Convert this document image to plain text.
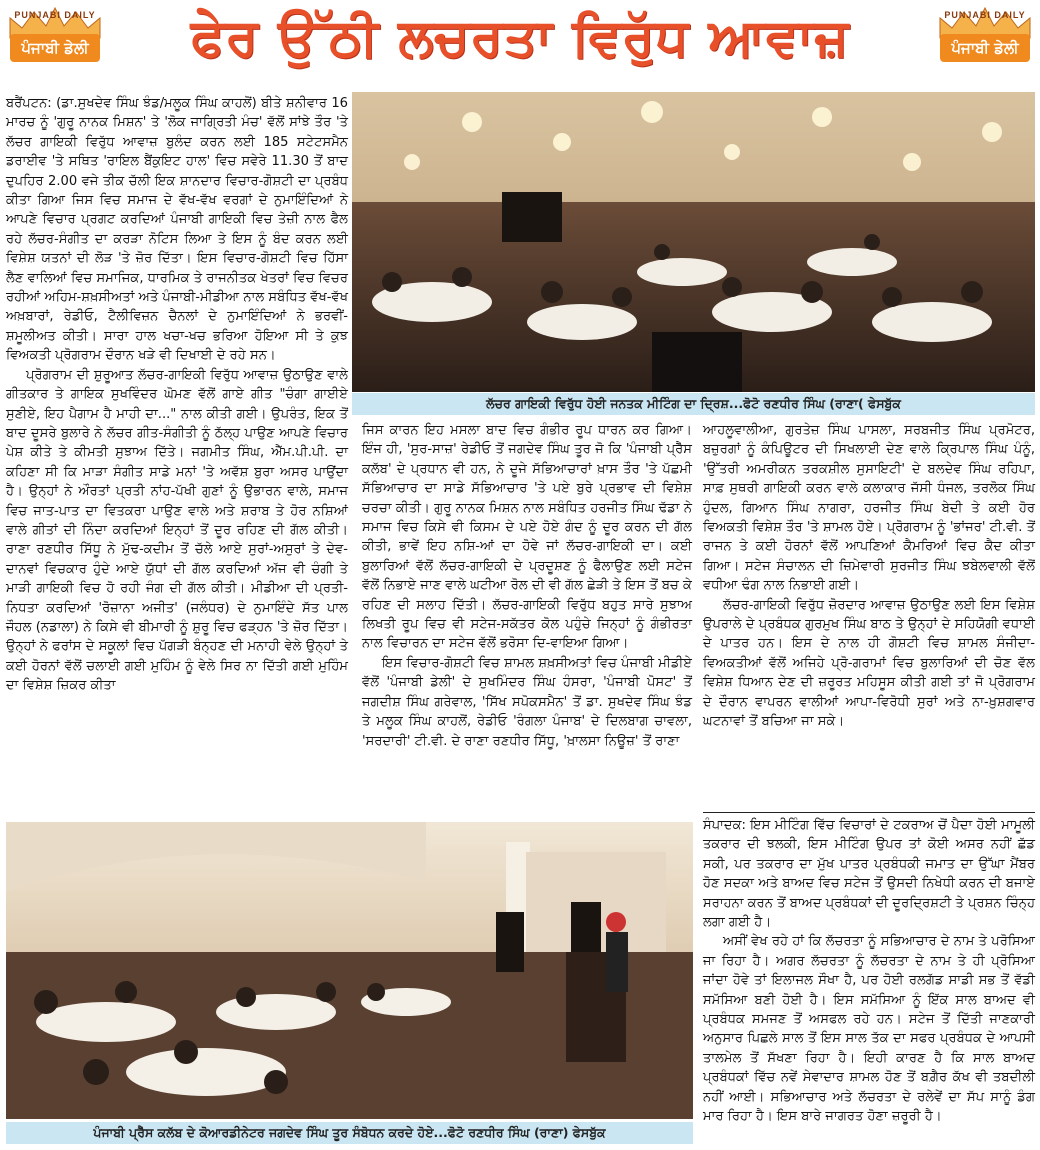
PUNJABI DAILY
ਪੰਜਾਬੀ ਡੇਲੀ	ਫੇਰ ਉੱਠੀ ਲਚਰਤਾ ਵਿਰੁੱਧ ਆਵਾਜ਼	PUNJABI DAILY
ਪੰਜਾਬੀ ਡੇਲੀ
ਲੱਚਰ ਗਾਇਕੀ ਵਿਰੁੱਧ ਹੋਈ ਜਨਤਕ ਮੀਟਿੰਗ ਦਾ ਦ੍ਰਿਸ਼...ਫੋਟੋ ਰਣਧੀਰ ਸਿੰਘ (ਰਾਣਾ( ਫੇਸਬੁੱਕ

ਬਰੈਂਪਟਨ: (ਡਾ.ਸੁਖਦੇਵ ਸਿੰਘ ਝੰਡ/ਮਲੂਕ ਸਿੰਘ ਕਾਹਲੋਂ) ਬੀਤੇ ਸ਼ਨੀਵਾਰ 16 ਮਾਰਚ ਨੂੰ 'ਗੁਰੂ ਨਾਨਕ ਮਿਸ਼ਨ' ਤੇ 'ਲੋਕ ਜਾਗ੍ਰਿਤੀ ਮੰਚ' ਵੱਲੋਂ ਸਾਂਝੇ ਤੌਰ 'ਤੇ ਲੱਚਰ ਗਾਇਕੀ ਵਿਰੁੱਧ ਆਵਾਜ਼ ਬੁਲੰਦ ਕਰਨ ਲਈ 185 ਸਟੇਟਸਮੈਨ ਡਰਾਈਵ 'ਤੇ ਸਥਿਤ 'ਰਾਇਲ ਬੈਂਕੁਇਟ ਹਾਲ' ਵਿਚ ਸਵੇਰੇ 11.30 ਤੋਂ ਬਾਦ ਦੁਪਹਿਰ 2.00 ਵਜੇ ਤੀਕ ਚੱਲੀ ਇਕ ਸ਼ਾਨਦਾਰ ਵਿਚਾਰ-ਗੋਸ਼ਟੀ ਦਾ ਪ੍ਰਬੰਧ ਕੀਤਾ ਗਿਆ ਜਿਸ ਵਿਚ ਸਮਾਜ ਦੇ ਵੱਖ-ਵੱਖ ਵਰਗਾਂ ਦੇ ਨੁਮਾਇੰਦਿਆਂ ਨੇ ਆਪਣੇ ਵਿਚਾਰ ਪ੍ਰਗਟ ਕਰਦਿਆਂ ਪੰਜਾਬੀ ਗਾਇਕੀ ਵਿਚ ਤੇਜ਼ੀ ਨਾਲ ਫੈਲ ਰਹੇ ਲੱਚਰ-ਸੰਗੀਤ ਦਾ ਕਰੜਾ ਨੋਟਿਸ ਲਿਆ ਤੇ ਇਸ ਨੂੰ ਬੰਦ ਕਰਨ ਲਈ ਵਿਸ਼ੇਸ਼ ਯਤਨਾਂ ਦੀ ਲੋੜ 'ਤੇ ਜ਼ੋਰ ਦਿੱਤਾ। ਇਸ ਵਿਚਾਰ-ਗੋਸ਼ਟੀ ਵਿਚ ਹਿੱਸਾ ਲੈਣ ਵਾਲਿਆਂ ਵਿਚ ਸਮਾਜਿਕ, ਧਾਰਮਿਕ ਤੇ ਰਾਜਨੀਤਕ ਖੇਤਰਾਂ ਵਿਚ ਵਿਚਰ ਰਹੀਆਂ ਅਹਿਮ-ਸ਼ਖ਼ਸੀਅਤਾਂ ਅਤੇ ਪੰਜਾਬੀ-ਮੀਡੀਆ ਨਾਲ ਸਬੰਧਿਤ ਵੱਖ-ਵੱਖ ਅਖ਼ਬਾਰਾਂ, ਰੇਡੀਓ, ਟੈਲੀਵਿਜ਼ਨ ਚੈਨਲਾਂ ਦੇ ਨੁਮਾਇੰਦਿਆਂ ਨੇ ਭਰਵੀਂ-ਸ਼ਮੂਲੀਅਤ ਕੀਤੀ। ਸਾਰਾ ਹਾਲ ਖਚਾ-ਖਚ ਭਰਿਆ ਹੋਇਆ ਸੀ ਤੇ ਕੁਝ ਵਿਅਕਤੀ ਪ੍ਰੋਗਰਾਮ ਦੌਰਾਨ ਖੜੇ ਵੀ ਦਿਖਾਈ ਦੇ ਰਹੇ ਸਨ।

ਪ੍ਰੋਗਰਾਮ ਦੀ ਸ਼ੁਰੂਆਤ ਲੱਚਰ-ਗਾਇਕੀ ਵਿਰੁੱਧ ਆਵਾਜ਼ ਉਠਾਉਣ ਵਾਲੇ ਗੀਤਕਾਰ ਤੇ ਗਾਇਕ ਸੁਖਵਿੰਦਰ ਘੋਮਣ ਵੱਲੋਂ ਗਾਏ ਗੀਤ "ਚੰਗਾ ਗਾਈਏ ਸੁਣੀਏ, ਇਹ ਪੈਗਾਮ ਹੈ ਮਾਹੀ ਦਾ..." ਨਾਲ ਕੀਤੀ ਗਈ। ਉਪਰੰਤ, ਇਕ ਤੋਂ ਬਾਦ ਦੂਸਰੇ ਬੁਲਾਰੇ ਨੇ ਲੱਚਰ ਗੀਤ-ਸੰਗੀਤੀ ਨੂੰ ਠੱਲ੍ਹ ਪਾਉਣ ਆਪਣੇ ਵਿਚਾਰ ਪੇਸ਼ ਕੀਤੇ ਤੇ ਕੀਮਤੀ ਸੁਝਾਅ ਦਿੱਤੇ। ਜਗਮੀਤ ਸਿੰਘ, ਐੱਮ.ਪੀ.ਪੀ. ਦਾ ਕਹਿਣਾ ਸੀ ਕਿ ਮਾੜਾ ਸੰਗੀਤ ਸਾਡੇ ਮਨਾਂ 'ਤੇ ਅਵੱਸ਼ ਬੁਰਾ ਅਸਰ ਪਾਉਂਦਾ ਹੈ। ਉਨ੍ਹਾਂ ਨੇ ਔਰਤਾਂ ਪ੍ਰਤੀ ਨਾਂਹ-ਪੱਖੀ ਗੁਣਾਂ ਨੂੰ ਉਭਾਰਨ ਵਾਲੇ, ਸਮਾਜ ਵਿਚ ਜਾਤ-ਪਾਤ ਦਾ ਵਿਤਕਰਾ ਪਾਉਣ ਵਾਲੇ ਅਤੇ ਸ਼ਰਾਬ ਤੇ ਹੋਰ ਨਸ਼ਿਆਂ ਵਾਲੇ ਗੀਤਾਂ ਦੀ ਨਿੰਦਾ ਕਰਦਿਆਂ ਇਨ੍ਹਾਂ ਤੋਂ ਦੂਰ ਰਹਿਣ ਦੀ ਗੱਲ ਕੀਤੀ। ਰਾਣਾ ਰਣਧੀਰ ਸਿੱਧੂ ਨੇ ਮੁੱਢ-ਕਦੀਮ ਤੋਂ ਚੱਲੇ ਆਏ ਸੁਰਾਂ-ਅਸੁਰਾਂ ਤੇ ਦੇਵ-ਦਾਨਵਾਂ ਵਿਚਕਾਰ ਹੁੰਦੇ ਆਏ ਯੁੱਧਾਂ ਦੀ ਗੱਲ ਕਰਦਿਆਂ ਅੱਜ ਵੀ ਚੰਗੀ ਤੇ ਮਾੜੀ ਗਾਇਕੀ ਵਿਚ ਹੋ ਰਹੀ ਜੰਗ ਦੀ ਗੱਲ ਕੀਤੀ। ਮੀਡੀਆ ਦੀ ਪ੍ਰਤੀ-ਨਿਧਤਾ ਕਰਦਿਆਂ 'ਰੋਜ਼ਾਨਾ ਅਜੀਤ' (ਜਲੰਧਰ) ਦੇ ਨੁਮਾਇੰਦੇ ਸੱਤ ਪਾਲ ਜੌਹਲ (ਨਡਾਲਾ) ਨੇ ਕਿਸੇ ਵੀ ਬੀਮਾਰੀ ਨੂੰ ਸ਼ੁਰੂ ਵਿਚ ਫੜ੍ਹਨ 'ਤੇ ਜ਼ੋਰ ਦਿੱਤਾ। ਉਨ੍ਹਾਂ ਨੇ ਫਰਾਂਸ ਦੇ ਸਕੂਲਾਂ ਵਿਚ ਪੱਗੜੀ ਬੰਨ੍ਹਣ ਦੀ ਮਨਾਹੀ ਵੇਲੇ ਉਨ੍ਹਾਂ ਤੇ ਕਈ ਹੋਰਨਾਂ ਵੱਲੋਂ ਚਲਾਈ ਗਈ ਮੁਹਿੰਮ ਨੂੰ ਵੇਲੇ ਸਿਰ ਨਾ ਦਿੱਤੀ ਗਈ ਮੁਹਿੰਮ ਦਾ ਵਿਸ਼ੇਸ਼ ਜ਼ਿਕਰ ਕੀਤਾ

ਜਿਸ ਕਾਰਨ ਇਹ ਮਸਲਾ ਬਾਦ ਵਿਚ ਗੰਭੀਰ ਰੂਪ ਧਾਰਨ ਕਰ ਗਿਆ। ਇੰਜ ਹੀ, 'ਸੁਰ-ਸਾਜ਼' ਰੇਡੀਓ ਤੋਂ ਜਗਦੇਵ ਸਿੰਘ ਤੂਰ ਜੋ ਕਿ 'ਪੰਜਾਬੀ ਪ੍ਰੈੱਸ ਕਲੱਬ' ਦੇ ਪ੍ਰਧਾਨ ਵੀ ਹਨ, ਨੇ ਦੂਜੇ ਸੱਭਿਆਚਾਰਾਂ ਖ਼ਾਸ ਤੌਰ 'ਤੇ ਪੱਛਮੀ ਸੱਭਿਆਚਾਰ ਦਾ ਸਾਡੇ ਸੱਭਿਆਚਾਰ 'ਤੇ ਪਏ ਬੁਰੇ ਪ੍ਰਭਾਵ ਦੀ ਵਿਸ਼ੇਸ਼ ਚਰਚਾ ਕੀਤੀ। ਗੁਰੂ ਨਾਨਕ ਮਿਸ਼ਨ ਨਾਲ ਸਬੰਧਿਤ ਹਰਜੀਤ ਸਿੰਘ ਢੱਡਾ ਨੇ ਸਮਾਜ ਵਿਚ ਕਿਸੇ ਵੀ ਕਿਸਮ ਦੇ ਪਏ ਹੋਏ ਗੰਦ ਨੂੰ ਦੂਰ ਕਰਨ ਦੀ ਗੱਲ ਕੀਤੀ, ਭਾਵੇਂ ਇਹ ਨਸ਼ਿ-ਆਂ ਦਾ ਹੋਵੇ ਜਾਂ ਲੱਚਰ-ਗਾਇਕੀ ਦਾ। ਕਈ ਬੁਲਾਰਿਆਂ ਵੱਲੋਂ ਲੱਚਰ-ਗਾਇਕੀ ਦੇ ਪ੍ਰਦੂਸ਼ਣ ਨੂੰ ਫੈਲਾਉਣ ਲਈ ਸਟੇਜ ਵੱਲੋਂ ਨਿਭਾਏ ਜਾਣ ਵਾਲੇ ਘਟੀਆ ਰੋਲ ਦੀ ਵੀ ਗੱਲ ਛੇੜੀ ਤੇ ਇਸ ਤੋਂ ਬਚ ਕੇ ਰਹਿਣ ਦੀ ਸਲਾਹ ਦਿੱਤੀ। ਲੱਚਰ-ਗਾਇਕੀ ਵਿਰੁੱਧ ਬਹੁਤ ਸਾਰੇ ਸੁਝਾਅ ਲਿਖਤੀ ਰੂਪ ਵਿਚ ਵੀ ਸਟੇਜ-ਸਕੱਤਰ ਕੋਲ ਪਹੁੰਚੇ ਜਿਨ੍ਹਾਂ ਨੂੰ ਗੰਭੀਰਤਾ ਨਾਲ ਵਿਚਾਰਨ ਦਾ ਸਟੇਜ ਵੱਲੋਂ ਭਰੋਸਾ ਦਿ-ਵਾਇਆ ਗਿਆ।

ਇਸ ਵਿਚਾਰ-ਗੋਸ਼ਟੀ ਵਿਚ ਸ਼ਾਮਲ ਸ਼ਖ਼ਸੀਅਤਾਂ ਵਿਚ ਪੰਜਾਬੀ ਮੀਡੀਏ ਵੱਲੋਂ 'ਪੰਜਾਬੀ ਡੇਲੀ' ਦੇ ਸੁਖਮਿੰਦਰ ਸਿੰਘ ਹੰਸਰਾ, 'ਪੰਜਾਬੀ ਪੋਸਟ' ਤੋਂ ਜਗਦੀਸ਼ ਸਿੰਘ ਗਰੇਵਾਲ, 'ਸਿੱਖ ਸਪੋਕਸਮੈਨ' ਤੋਂ ਡਾ. ਸੁਖਦੇਵ ਸਿੰਘ ਝੰਡ ਤੇ ਮਲੂਕ ਸਿੰਘ ਕਾਹਲੋਂ, ਰੇਡੀਓ 'ਰੰਗਲਾ ਪੰਜਾਬ' ਦੇ ਦਿਲਬਾਗ ਚਾਵਲਾ, 'ਸਰਦਾਰੀ' ਟੀ.ਵੀ. ਦੇ ਰਾਣਾ ਰਣਧੀਰ ਸਿੱਧੂ, 'ਖ਼ਾਲਸਾ ਨਿਊਜ਼' ਤੋਂ ਰਾਣਾ

ਆਹਲੂਵਾਲੀਆ, ਗੁਰਤੇਜ਼ ਸਿੰਘ ਪਾਸਲਾ, ਸਰਬਜੀਤ ਸਿੰਘ ਪ੍ਰਮੋਟਰ, ਬਜ਼ੁਰਗਾਂ ਨੂੰ ਕੰਪਿਊਟਰ ਦੀ ਸਿਖਲਾਈ ਦੇਣ ਵਾਲੇ ਕ੍ਰਿਪਾਲ ਸਿੰਘ ਪੰਨੂੰ, 'ਉੱਤਰੀ ਅਮਰੀਕਨ ਤਰਕਸ਼ੀਲ ਸੁਸਾਇਟੀ' ਦੇ ਬਲਦੇਵ ਸਿੰਘ ਰਹਿਪਾ, ਸਾਫ਼ ਸੁਥਰੀ ਗਾਇਕੀ ਕਰਨ ਵਾਲੇ ਕਲਾਕਾਰ ਜੱਸੀ ਧੰਜਲ, ਤਰਲੋਕ ਸਿੰਘ ਹੁੰਦਲ, ਗਿਆਨ ਸਿੰਘ ਨਾਗਰਾ, ਹਰਜੀਤ ਸਿੰਘ ਬੇਦੀ ਤੇ ਕਈ ਹੋਰ ਵਿਅਕਤੀ ਵਿਸ਼ੇਸ਼ ਤੌਰ 'ਤੇ ਸ਼ਾਮਲ ਹੋਏ। ਪ੍ਰੋਗਰਾਮ ਨੂੰ 'ਭਾਂਜਰ' ਟੀ.ਵੀ. ਤੋਂ ਰਾਜਨ ਤੇ ਕਈ ਹੋਰਨਾਂ ਵੱਲੋਂ ਆਪਣਿਆਂ ਕੈਮਰਿਆਂ ਵਿਚ ਕੈਦ ਕੀਤਾ ਗਿਆ। ਸਟੇਜ ਸੰਚਾਲਨ ਦੀ ਜ਼ਿਮੇਵਾਰੀ ਸੁਰਜੀਤ ਸਿੰਘ ਝਬੇਲਵਾਲੀ ਵੱਲੋਂ ਵਧੀਆ ਢੰਗ ਨਾਲ ਨਿਭਾਈ ਗਈ।

ਲੱਚਰ-ਗਾਇਕੀ ਵਿਰੁੱਧ ਜ਼ੋਰਦਾਰ ਆਵਾਜ਼ ਉਠਾਉਣ ਲਈ ਇਸ ਵਿਸ਼ੇਸ਼ ਉਪਰਾਲੇ ਦੇ ਪ੍ਰਬੰਧਕ ਗੁਰਮੁਖ ਸਿੰਘ ਬਾਠ ਤੇ ਉਨ੍ਹਾਂ ਦੇ ਸਹਿਯੋਗੀ ਵਧਾਈ ਦੇ ਪਾਤਰ ਹਨ। ਇਸ ਦੇ ਨਾਲ ਹੀ ਗੋਸ਼ਟੀ ਵਿਚ ਸ਼ਾਮਲ ਸੰਜੀਦਾ-ਵਿਅਕਤੀਆਂ ਵੱਲੋਂ ਅਜਿਹੇ ਪ੍ਰੋ-ਗਰਾਮਾਂ ਵਿਚ ਬੁਲਾਰਿਆਂ ਦੀ ਚੋਣ ਵੱਲ ਵਿਸ਼ੇਸ਼ ਧਿਆਨ ਦੇਣ ਦੀ ਜ਼ਰੂਰਤ ਮਹਿਸੂਸ ਕੀਤੀ ਗਈ ਤਾਂ ਜੋ ਪ੍ਰੋਗਰਾਮ ਦੇ ਦੌਰਾਨ ਵਾਪਰਨ ਵਾਲੀਆਂ ਆਪਾ-ਵਿਰੋਧੀ ਸੁਰਾਂ ਅਤੇ ਨਾ-ਖ਼ੁਸ਼ਗਵਾਰ ਘਟਨਾਵਾਂ ਤੋਂ ਬਚਿਆ ਜਾ ਸਕੇ।

ਸੰਪਾਦਕ: ਇਸ ਮੀਟਿੰਗ ਵਿੱਚ ਵਿਚਾਰਾਂ ਦੇ ਟਕਰਾਅ ਚੋਂ ਪੈਦਾ ਹੋਈ ਮਾਮੂਲੀ ਤਕਰਾਰ ਦੀ ਝਲਕੀ, ਇਸ ਮੀਟਿੰਗ ਉਪਰ ਤਾਂ ਕੋਈ ਅਸਰ ਨਹੀਂ ਛੱਡ ਸਕੀ, ਪਰ ਤਕਰਾਰ ਦਾ ਮੁੱਖ ਪਾਤਰ ਪ੍ਰਬੰਧਕੀ ਜਮਾਤ ਦਾ ਉੱਘਾ ਮੈਂਬਰ ਹੋਣ ਸਦਕਾ ਅਤੇ ਬਾਅਦ ਵਿਚ ਸਟੇਜ ਤੋਂ ਉਸਦੀ ਨਿਖੇਧੀ ਕਰਨ ਦੀ ਬਜਾਏ ਸਰਾਹਨਾ ਕਰਨ ਤੋਂ ਬਾਅਦ ਪ੍ਰਬੰਧਕਾਂ ਦੀ ਦੂਰਦ੍ਰਿਸ਼ਟੀ ਤੇ ਪ੍ਰਸ਼ਨ ਚਿੰਨ੍ਹ ਲਗਾ ਗਈ ਹੈ।

ਅਸੀਂ ਵੇਖ ਰਹੇ ਹਾਂ ਕਿ ਲੱਚਰਤਾ ਨੂੰ ਸਭਿਆਚਾਰ ਦੇ ਨਾਮ ਤੇ ਪਰੋਸਿਆ ਜਾ ਰਿਹਾ ਹੈ। ਅਗਰ ਲੱਚਰਤਾ ਨੂੰ ਲੱਚਰਤਾ ਦੇ ਨਾਮ ਤੇ ਹੀ ਪ੍ਰੋਸਿਆ ਜਾਂਦਾ ਹੋਵੇ ਤਾਂ ਇਲਾਜਲ ਸੌਖਾ ਹੈ, ਪਰ ਹੋਈ ਰਲਗੱਡ ਸਾਡੀ ਸਭ ਤੋਂ ਵੱਡੀ ਸਮੱਸਿਆ ਬਣੀ ਹੋਈ ਹੈ। ਇਸ ਸਮੱਸਿਆ ਨੂੰ ਇੱਕ ਸਾਲ ਬਾਅਦ ਵੀ ਪ੍ਰਬੰਧਕ ਸਮਜਣ ਤੋਂ ਅਸਫਲ ਰਹੇ ਹਨ। ਸਟੇਜ ਤੋਂ ਦਿੱਤੀ ਜਾਣਕਾਰੀ ਅਨੁਸਾਰ ਪਿਛਲੇ ਸਾਲ ਤੋਂ ਇਸ ਸਾਲ ਤੱਕ ਦਾ ਸਫਰ ਪ੍ਰਬੰਧਕ ਦੇ ਆਪਸੀ ਤਾਲਮੇਲ ਤੋਂ ਸੱਖਣਾ ਰਿਹਾ ਹੈ। ਇਹੀ ਕਾਰਣ ਹੈ ਕਿ ਸਾਲ ਬਾਅਦ ਪ੍ਰਬੰਧਕਾਂ ਵਿੱਚ ਨਵੇਂ ਸੇਵਾਦਾਰ ਸ਼ਾਮਲ ਹੋਣ ਤੋਂ ਬਗ਼ੈਰ ਕੱਖ ਵੀ ਤਬਦੀਲੀ ਨਹੀਂ ਆਈ। ਸਭਿਆਚਾਰ ਅਤੇ ਲੱਚਰਤਾ ਦੇ ਰਲੇਵੇਂ ਦਾ ਸੱਪ ਸਾਨੂੰ ਡੰਗ ਮਾਰ ਰਿਹਾ ਹੈ। ਇਸ ਬਾਰੇ ਜਾਗਰਤ ਹੋਣਾ ਜ਼ਰੂਰੀ ਹੈ।

ਪੰਜਾਬੀ ਪ੍ਰੈੱਸ ਕਲੱਬ ਦੇ ਕੋਆਰਡੀਨੇਟਰ ਜਗਦੇਵ ਸਿੰਘ ਤੂਰ ਸੰਬੋਧਨ ਕਰਦੇ ਹੋਏ...ਫੋਟੋ ਰਣਧੀਰ ਸਿੰਘ (ਰਾਣਾ) ਫੇਸਬੁੱਕ
